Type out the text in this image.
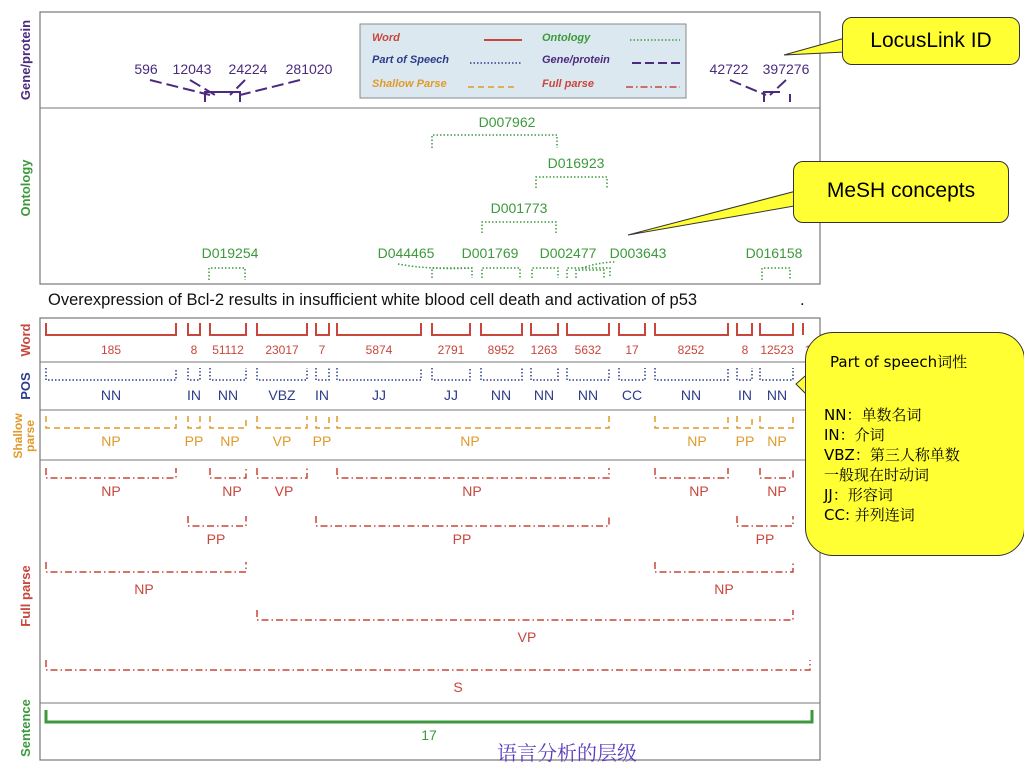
Gene/protein
Ontology
Word
POS
Shallow
parse
Full parse
Sentence
Word
Part of Speech
Shallow Parse
Ontology
Gene/protein
Full parse
596 12043 24224 281020	42722 397276
D007962
D016923
D001773
D019254	D044465 D001769 D002477 D003643	D016158
Overexpression of Bcl-2 results in insufficient white blood cell death and activation of p53	.
185	8 51112 23017 7	5874	2791 8952 1263 5632 17	8252	8 12523
NN	IN NN VBZ IN	JJ	JJ NN NN NN CC	NN	IN NN
NP	PP NP VP PP	NP	NP PP NP
NP	NP VP	NP	NP	NP
PP	PP	PP
NP	NP
VP
S
17
LocusLink ID
MeSH concepts
Part of speech词性
NN：单数名词
IN：介词
VBZ：第三人称单数
一般现在时动词
JJ：形容词
CC: 并列连词
语言分析的层级
